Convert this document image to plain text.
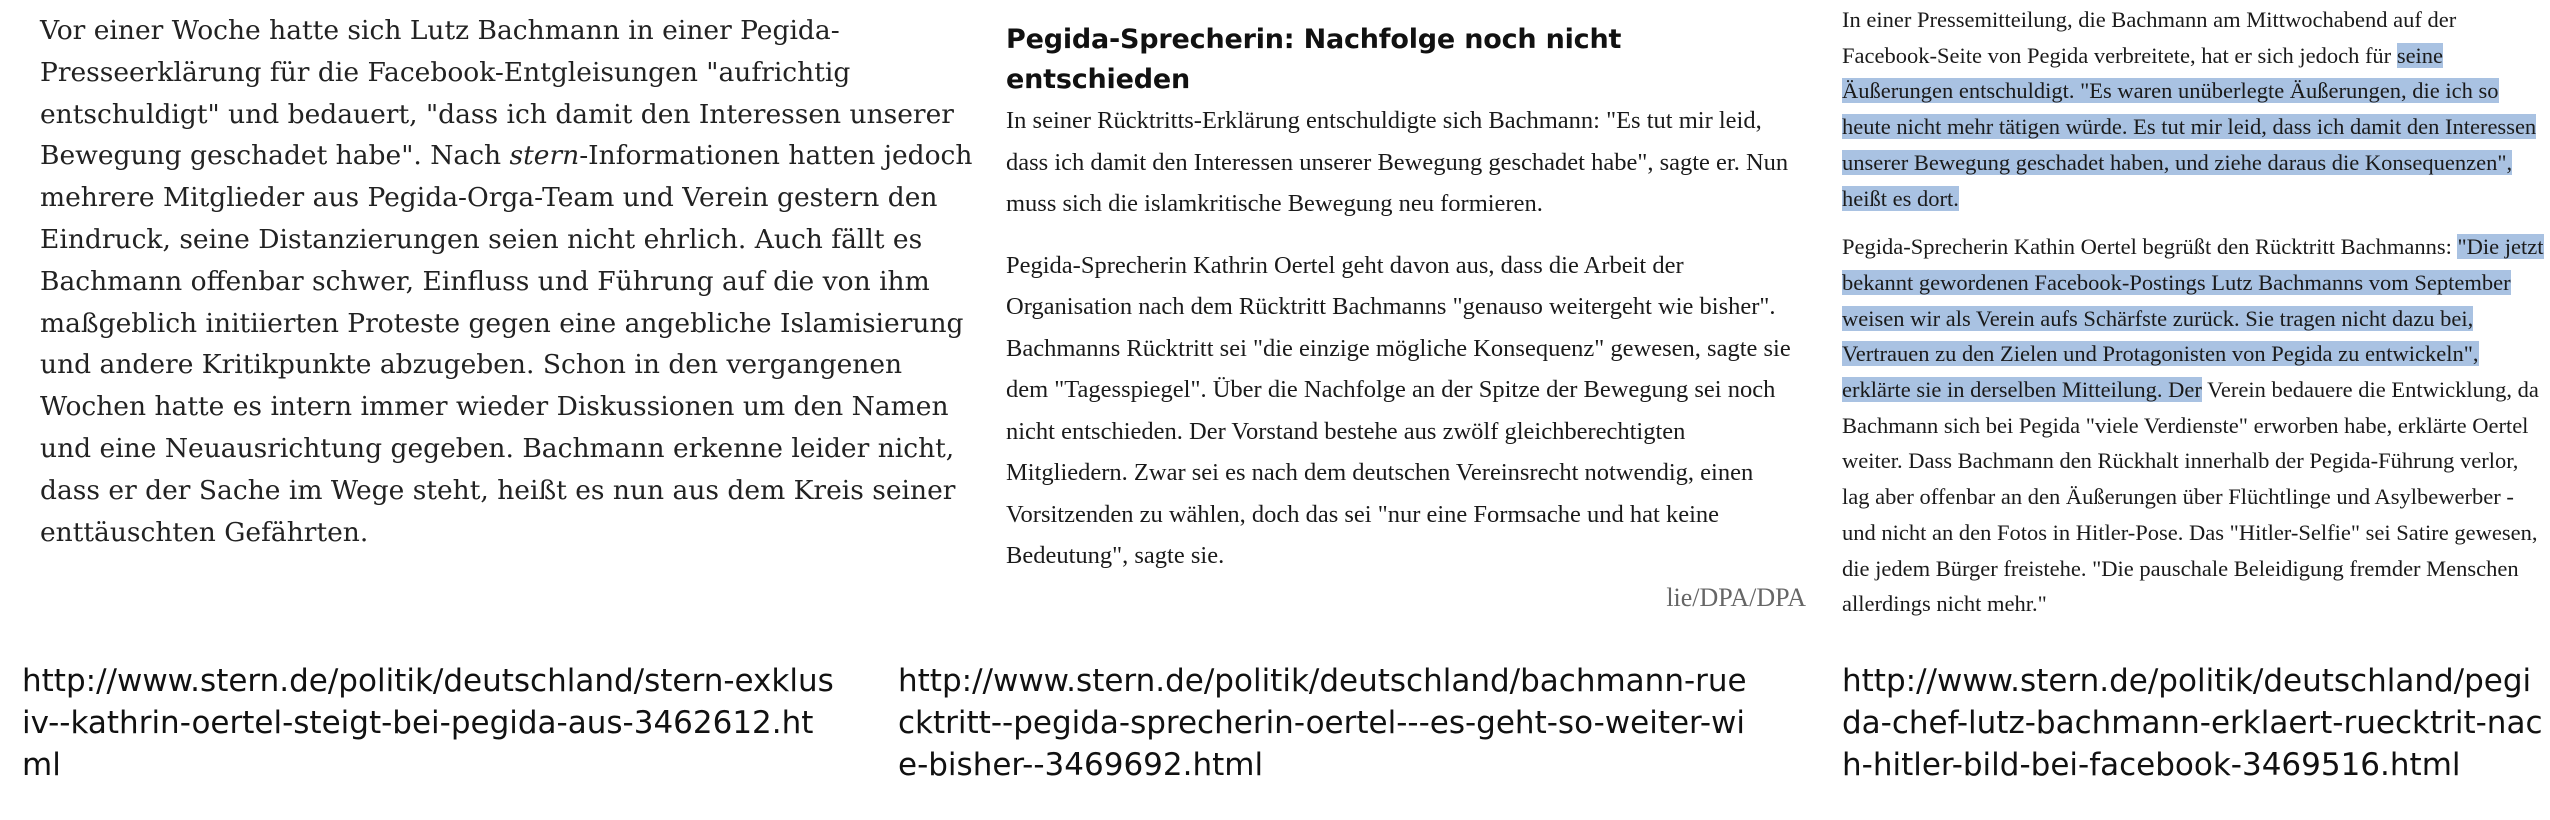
Vor einer Woche hatte sich Lutz Bachmann in einer Pegida-Presseerklärung für die Facebook-Entgleisungen "aufrichtig entschuldigt" und bedauert, "dass ich damit den Interessen unserer Bewegung geschadet habe". Nach stern-Informationen hatten jedoch mehrere Mitglieder aus Pegida-Orga-Team und Verein gestern den Eindruck, seine Distanzierungen seien nicht ehrlich. Auch fällt es Bachmann offenbar schwer, Einfluss und Führung auf die von ihm maßgeblich initiierten Proteste gegen eine angebliche Islamisierung und andere Kritikpunkte abzugeben. Schon in den vergangenen Wochen hatte es intern immer wieder Diskussionen um den Namen und eine Neuausrichtung gegeben. Bachmann erkenne leider nicht, dass er der Sache im Wege steht, heißt es nun aus dem Kreis seiner enttäuschten Gefährten.

Pegida-Sprecherin: Nachfolge noch nicht entschieden

In seiner Rücktritts-Erklärung entschuldigte sich Bachmann: "Es tut mir leid, dass ich damit den Interessen unserer Bewegung geschadet habe", sagte er. Nun muss sich die islamkritische Bewegung neu formieren.

Pegida-Sprecherin Kathrin Oertel geht davon aus, dass die Arbeit der Organisation nach dem Rücktritt Bachmanns "genauso weitergeht wie bisher". Bachmanns Rücktritt sei "die einzige mögliche Konsequenz" gewesen, sagte sie dem "Tagesspiegel". Über die Nachfolge an der Spitze der Bewegung sei noch nicht entschieden. Der Vorstand bestehe aus zwölf gleichberechtigten Mitgliedern. Zwar sei es nach dem deutschen Vereinsrecht notwendig, einen Vorsitzenden zu wählen, doch das sei "nur eine Formsache und hat keine Bedeutung", sagte sie.

lie/DPA/DPA

In einer Pressemitteilung, die Bachmann am Mittwochabend auf der Facebook-Seite von Pegida verbreitete, hat er sich jedoch für seine Äußerungen entschuldigt. "Es waren unüberlegte Äußerungen, die ich so heute nicht mehr tätigen würde. Es tut mir leid, dass ich damit den Interessen unserer Bewegung geschadet haben, und ziehe daraus die Konsequenzen", heißt es dort.

Pegida-Sprecherin Kathin Oertel begrüßt den Rücktritt Bachmanns: "Die jetzt bekannt gewordenen Facebook-Postings Lutz Bachmanns vom September weisen wir als Verein aufs Schärfste zurück. Sie tragen nicht dazu bei, Vertrauen zu den Zielen und Protagonisten von Pegida zu entwickeln", erklärte sie in derselben Mitteilung. Der Verein bedauere die Entwicklung, da Bachmann sich bei Pegida "viele Verdienste" erworben habe, erklärte Oertel weiter. Dass Bachmann den Rückhalt innerhalb der Pegida-Führung verlor, lag aber offenbar an den Äußerungen über Flüchtlinge und Asylbewerber - und nicht an den Fotos in Hitler-Pose. Das "Hitler-Selfie" sei Satire gewesen, die jedem Bürger freistehe. "Die pauschale Beleidigung fremder Menschen allerdings nicht mehr."

http://www.stern.de/politik/deutschland/stern-exklusiv--kathrin-oertel-steigt-bei-pegida-aus-3462612.html
http://www.stern.de/politik/deutschland/bachmann-ruecktritt--pegida-sprecherin-oertel---es-geht-so-weiter-wie-bisher--3469692.html
http://www.stern.de/politik/deutschland/pegida-chef-lutz-bachmann-erklaert-ruecktrit-nach-hitler-bild-bei-facebook-3469516.html
